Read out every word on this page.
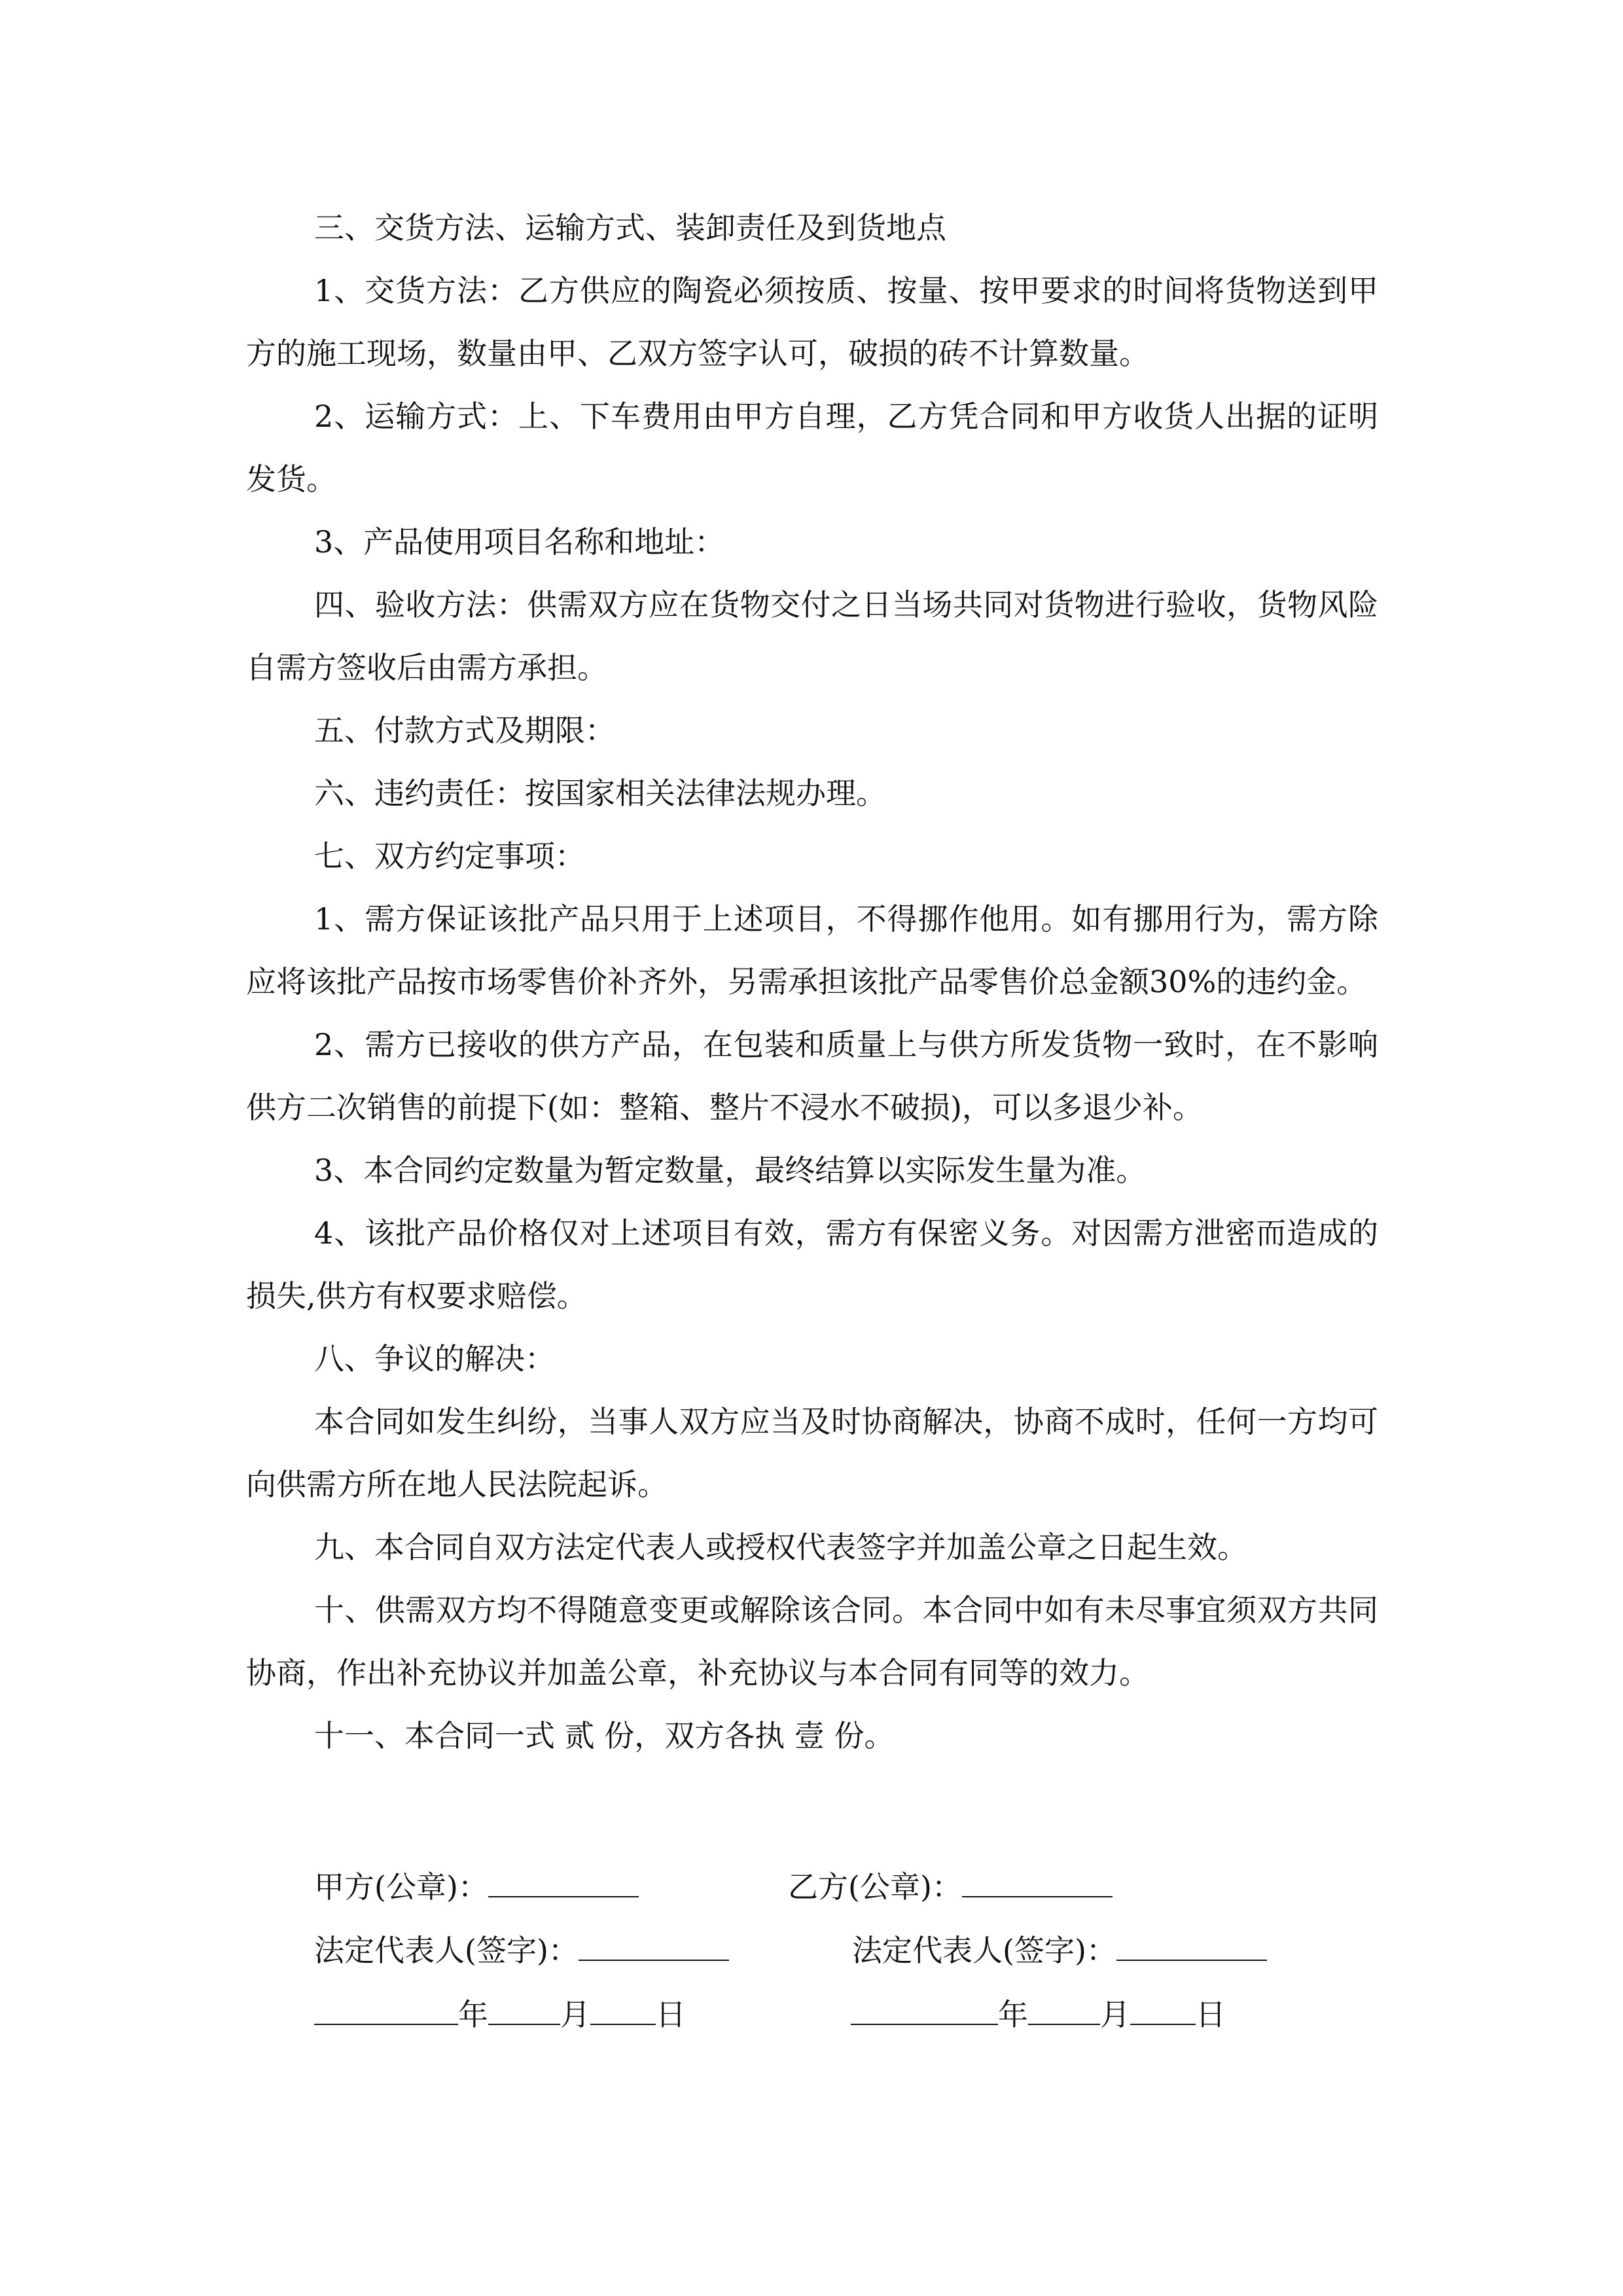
三、交货方法、运输方式、装卸责任及到货地点

1、交货方法：乙方供应的陶瓷必须按质、按量、按甲要求的时间将货物送到甲方的施工现场，数量由甲、乙双方签字认可，破损的砖不计算数量。

2、运输方式：上、下车费用由甲方自理，乙方凭合同和甲方收货人出据的证明发货。

3、产品使用项目名称和地址：

四、验收方法：供需双方应在货物交付之日当场共同对货物进行验收，货物风险自需方签收后由需方承担。

五、付款方式及期限：

六、违约责任：按国家相关法律法规办理。

七、双方约定事项：

1、需方保证该批产品只用于上述项目，不得挪作他用。如有挪用行为，需方除应将该批产品按市场零售价补齐外，另需承担该批产品零售价总金额30%的违约金。

2、需方已接收的供方产品，在包装和质量上与供方所发货物一致时，在不影响供方二次销售的前提下(如：整箱、整片不浸水不破损)，可以多退少补。

3、本合同约定数量为暂定数量，最终结算以实际发生量为准。

4、该批产品价格仅对上述项目有效，需方有保密义务。对因需方泄密而造成的损失,供方有权要求赔偿。

八、争议的解决：

本合同如发生纠纷，当事人双方应当及时协商解决，协商不成时，任何一方均可向供需方所在地人民法院起诉。

九、本合同自双方法定代表人或授权代表签字并加盖公章之日起生效。

十、供需双方均不得随意变更或解除该合同。本合同中如有未尽事宜须双方共同协商，作出补充协议并加盖公章，补充协议与本合同有同等的效力。

十一、本合同一式 贰 份，双方各执 壹 份。

甲方(公章)：	乙方(公章)：
法定代表人(签字)：	法定代表人(签字)：
年 月 日	年 月 日
